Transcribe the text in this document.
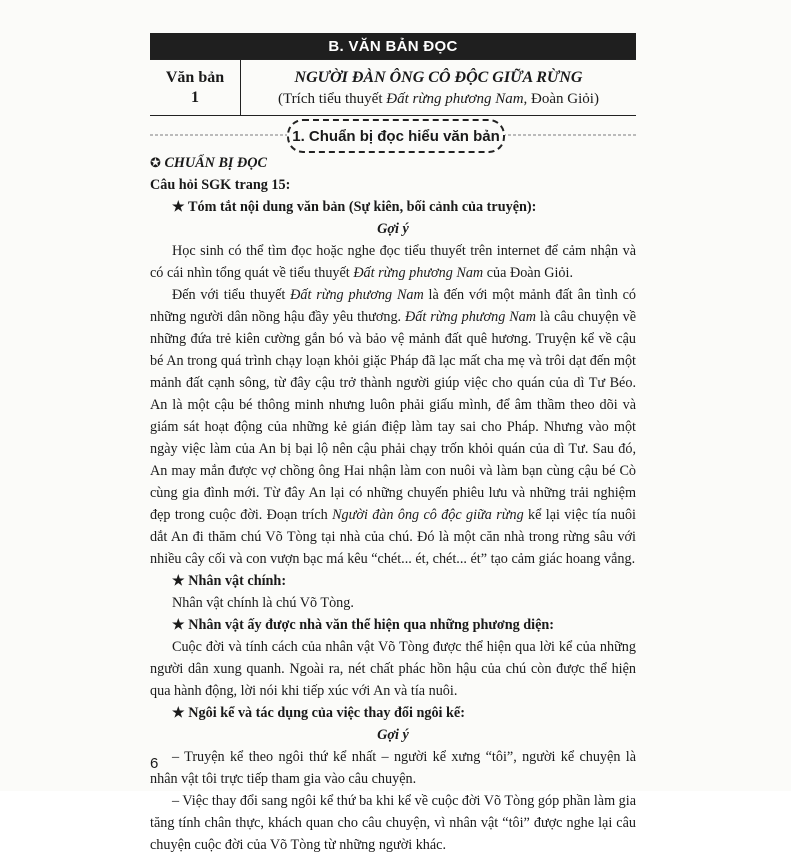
B. VĂN BẢN ĐỌC
Văn bản
1
NGƯỜI ĐÀN ÔNG CÔ ĐỘC GIỮA RỪNG
(Trích tiểu thuyết Đất rừng phương Nam, Đoàn Giỏi)
1. Chuẩn bị đọc hiểu văn bản

✪ CHUẨN BỊ ĐỌC

Câu hỏi SGK trang 15:

★ Tóm tắt nội dung văn bản (Sự kiên, bối cảnh của truyện):

Gợi ý

Học sinh có thể tìm đọc hoặc nghe đọc tiểu thuyết trên internet để cảm nhận và có cái nhìn tổng quát về tiểu thuyết Đất rừng phương Nam của Đoàn Giỏi.

Đến với tiểu thuyết Đất rừng phương Nam là đến với một mảnh đất ân tình có những người dân nồng hậu đầy yêu thương. Đất rừng phương Nam là câu chuyện về những đứa trẻ kiên cường gắn bó và bảo vệ mảnh đất quê hương. Truyện kể về cậu bé An trong quá trình chạy loạn khỏi giặc Pháp đã lạc mất cha mẹ và trôi dạt đến một mảnh đất cạnh sông, từ đây cậu trở thành người giúp việc cho quán của dì Tư Béo. An là một cậu bé thông minh nhưng luôn phải giấu mình, để âm thầm theo dõi và giám sát hoạt động của những kẻ gián điệp làm tay sai cho Pháp. Nhưng vào một ngày việc làm của An bị bại lộ nên cậu phải chạy trốn khỏi quán của dì Tư. Sau đó, An may mắn được vợ chồng ông Hai nhận làm con nuôi và làm bạn cùng cậu bé Cò cùng gia đình mới. Từ đây An lại có những chuyến phiêu lưu và những trải nghiệm đẹp trong cuộc đời. Đoạn trích Người đàn ông cô độc giữa rừng kể lại việc tía nuôi dắt An đi thăm chú Võ Tòng tại nhà của chú. Đó là một căn nhà trong rừng sâu với nhiều cây cối và con vượn bạc má kêu “chét... ét, chét... ét” tạo cảm giác hoang vắng.

★ Nhân vật chính:

Nhân vật chính là chú Võ Tòng.

★ Nhân vật ấy được nhà văn thể hiện qua những phương diện:

Cuộc đời và tính cách của nhân vật Võ Tòng được thể hiện qua lời kể của những người dân xung quanh. Ngoài ra, nét chất phác hồn hậu của chú còn được thể hiện qua hành động, lời nói khi tiếp xúc với An và tía nuôi.

★ Ngôi kể và tác dụng của việc thay đổi ngôi kể:

Gợi ý

– Truyện kể theo ngôi thứ kể nhất – người kể xưng “tôi”, người kể chuyện là nhân vật tôi trực tiếp tham gia vào câu chuyện.

– Việc thay đổi sang ngôi kể thứ ba khi kể về cuộc đời Võ Tòng góp phần làm gia tăng tính chân thực, khách quan cho câu chuyện, vì nhân vật “tôi” được nghe lại câu chuyện cuộc đời của Võ Tòng từ những người khác.

6
